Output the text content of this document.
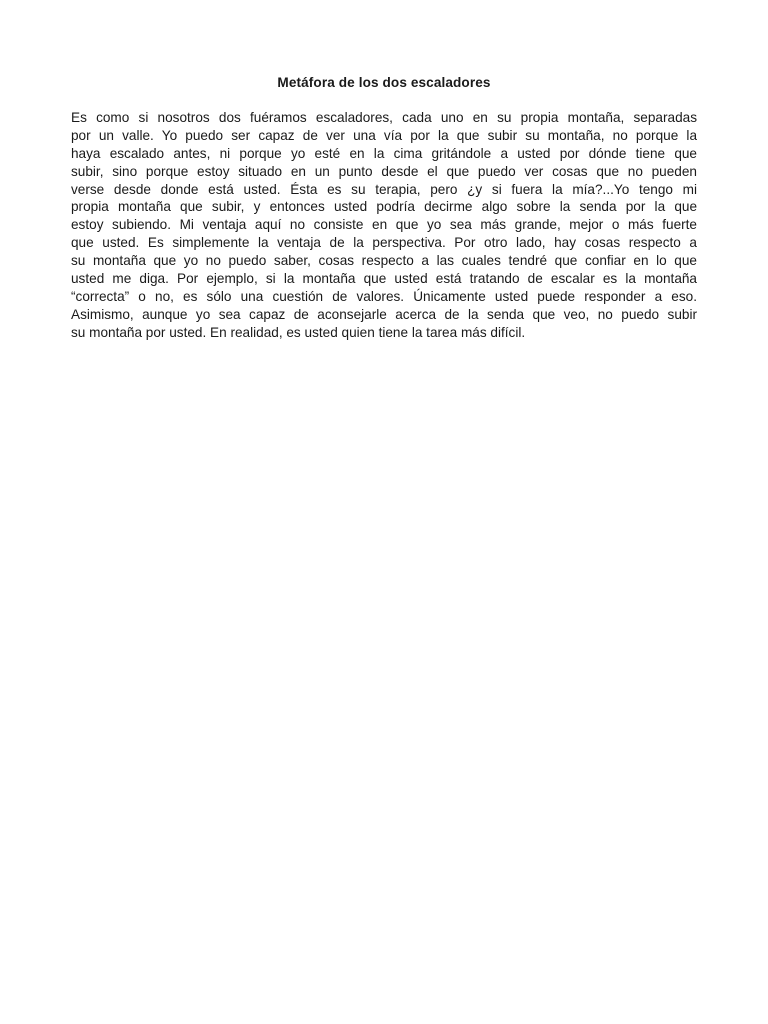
Metáfora de los dos escaladores
Es como si nosotros dos fuéramos escaladores, cada uno en su propia montaña, separadas
por un valle. Yo puedo ser capaz de ver una vía por la que subir su montaña, no porque la
haya escalado antes, ni porque yo esté en la cima gritándole a usted por dónde tiene que
subir, sino porque estoy situado en un punto desde el que puedo ver cosas que no pueden
verse desde donde está usted. Ésta es su terapia, pero ¿y si fuera la mía?...Yo tengo mi
propia montaña que subir, y entonces usted podría decirme algo sobre la senda por la que
estoy subiendo. Mi ventaja aquí no consiste en que yo sea más grande, mejor o más fuerte
que usted. Es simplemente la ventaja de la perspectiva. Por otro lado, hay cosas respecto a
su montaña que yo no puedo saber, cosas respecto a las cuales tendré que confiar en lo que
usted me diga. Por ejemplo, si la montaña que usted está tratando de escalar es la montaña
“correcta” o no, es sólo una cuestión de valores. Únicamente usted puede responder a eso.
Asimismo, aunque yo sea capaz de aconsejarle acerca de la senda que veo, no puedo subir
su montaña por usted. En realidad, es usted quien tiene la tarea más difícil.
